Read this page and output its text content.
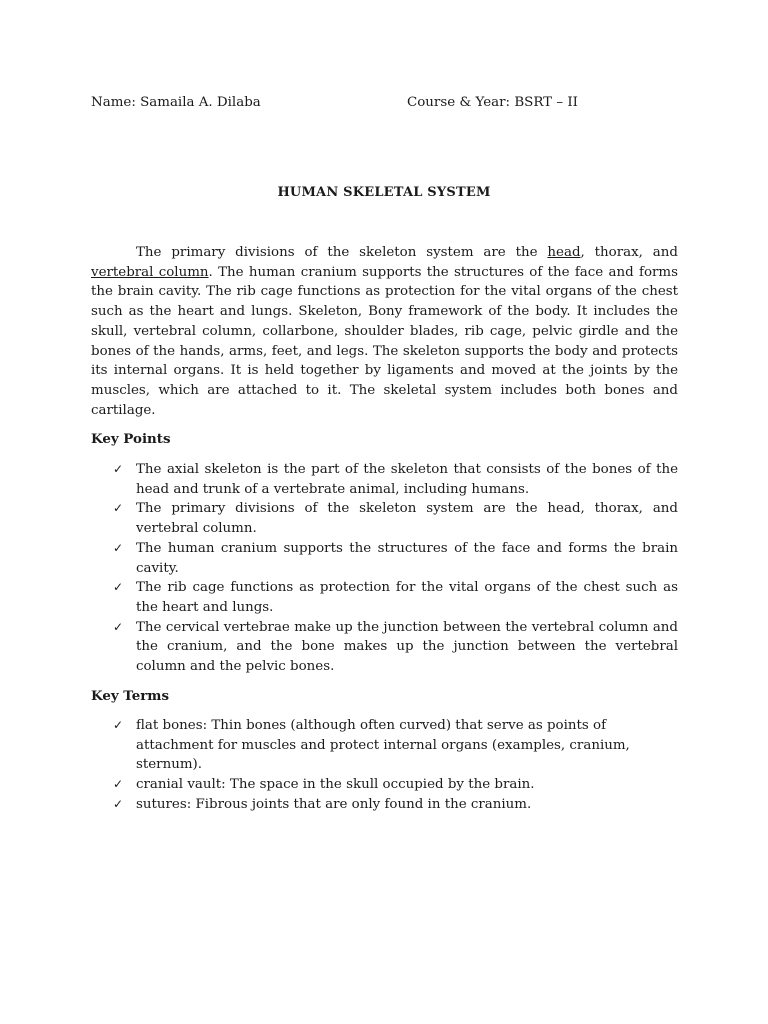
Name: Samaila A. Dilaba	Course & Year: BSRT – II
HUMAN SKELETAL SYSTEM

The primary divisions of the skeleton system are the head, thorax, and vertebral column. The human cranium supports the structures of the face and forms the brain cavity. The rib cage functions as protection for the vital organs of the chest such as the heart and lungs. Skeleton, Bony framework of the body. It includes the skull, vertebral column, collarbone, shoulder blades, rib cage, pelvic girdle and the bones of the hands, arms, feet, and legs. The skeleton supports the body and protects its internal organs. It is held together by ligaments and moved at the joints by the muscles, which are attached to it. The skeletal system includes both bones and cartilage.

Key Points
✓ The axial skeleton is the part of the skeleton that consists of the bones of the head and trunk of a vertebrate animal, including humans.
✓ The primary divisions of the skeleton system are the head, thorax, and vertebral column.
✓ The human cranium supports the structures of the face and forms the brain cavity.
✓ The rib cage functions as protection for the vital organs of the chest such as the heart and lungs.
✓ The cervical vertebrae make up the junction between the vertebral column and the cranium, and the bone makes up the junction between the vertebral column and the pelvic bones.
Key Terms
✓ flat bones: Thin bones (although often curved) that serve as points of attachment for muscles and protect internal organs (examples, cranium, sternum).
✓ cranial vault: The space in the skull occupied by the brain.
✓ sutures: Fibrous joints that are only found in the cranium.
